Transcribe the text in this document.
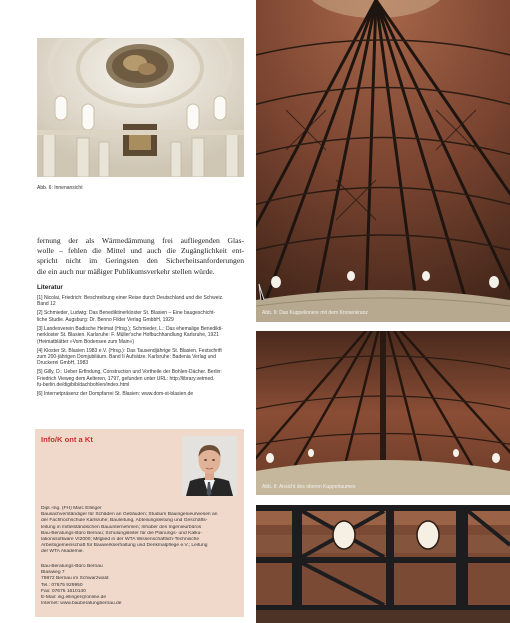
Abb. 6: Innenansicht
fernung der als Wärmedämmung frei aufliegenden Glas-
wolle – fehlen die Mittel und auch die Zugänglichkeit ent-
spricht nicht im Geringsten den Sicherheitsanforderungen
die ein auch nur mäßiger Publikumsverkehr stellen würde.
Literatur
[1] Nicolai, Friedrich: Beschreibung einer Reise durch Deutschland und die Schweiz.
Band 12
[2] Schmieder, Ludwig: Das Benediktinerkloster St. Blasien – Eine baugeschicht-
liche Studie. Augsburg: Dr. Benno Filder Verlag GmbbH, 1929
[3] Landesverein Badische Heimat (Hrsg.); Schmieder, L.: Das ehemalige Benedikti-
nerkloster St. Blasien. Karlsruhe: F. Müller'sche Hofbuchhandlung Karlsruhe, 1921
(Heimatblätter »Vom Bodensee zum Main«)
[4] Kloster St. Blasien 1983 e.V. (Hrsg.): Das Tausendjährige St. Blasien. Festschrift
zum 200-jährigen Domjubiläum. Band II Aufsätze. Karlsruhe: Badenia Verlag und
Druckerei GmbH, 1983
[5] Gilly, D.: Ueber Erfindung, Construction und Vortheile der Bohlen-Dächer. Berlin:
Friedrich Vieweg dem Aelteren, 1797, gefunden unter URL: http://library.vetmed.
fu-berlin.de/digibib/dachbohlen/index.html
[6] Internetpräsenz der Dompfarrei St. Blasien: www.dom-st-blasien.de
Info/K ont a Kt
Dipl.-Ing. (FH) Marc Ellinger
Bausachverständiger für Schäden an Gebäuden; Studium Bauingenieurwesen an
der Fachhochschule Karlsruhe; Bauleitung, Abteilungsleitung und Geschäfts-
leitung in mittelständischen Bauunternehmen; Inhaber des Ingenieurbüros
Bau-Beratungs-Büro Bernau; Schulungsleiter für die Planungs- und Kalku-
lationssoftware VI2000; Mitglied in der WTA Wissenschaftlich-Technische
Arbeitsgemeinschaft für Bauwerkserhaltung und Denkmalpflege e.V.; Leitung
der WTA Akademie.
Bau-Beratungs-Büro Bernau
Blasiweg 7
79872 Bernau im Schwarzwald
Tel.: 07675 929950
Fax: 07675 1610140
E-Mail: ing.ellinger@online.de
Internet: www.bauberatungbernau.de
Abb. 9: Das Kuppelinnere mit dem Kronenkranz
Abb. 8: Ansicht des oberen Kuppelraumes
